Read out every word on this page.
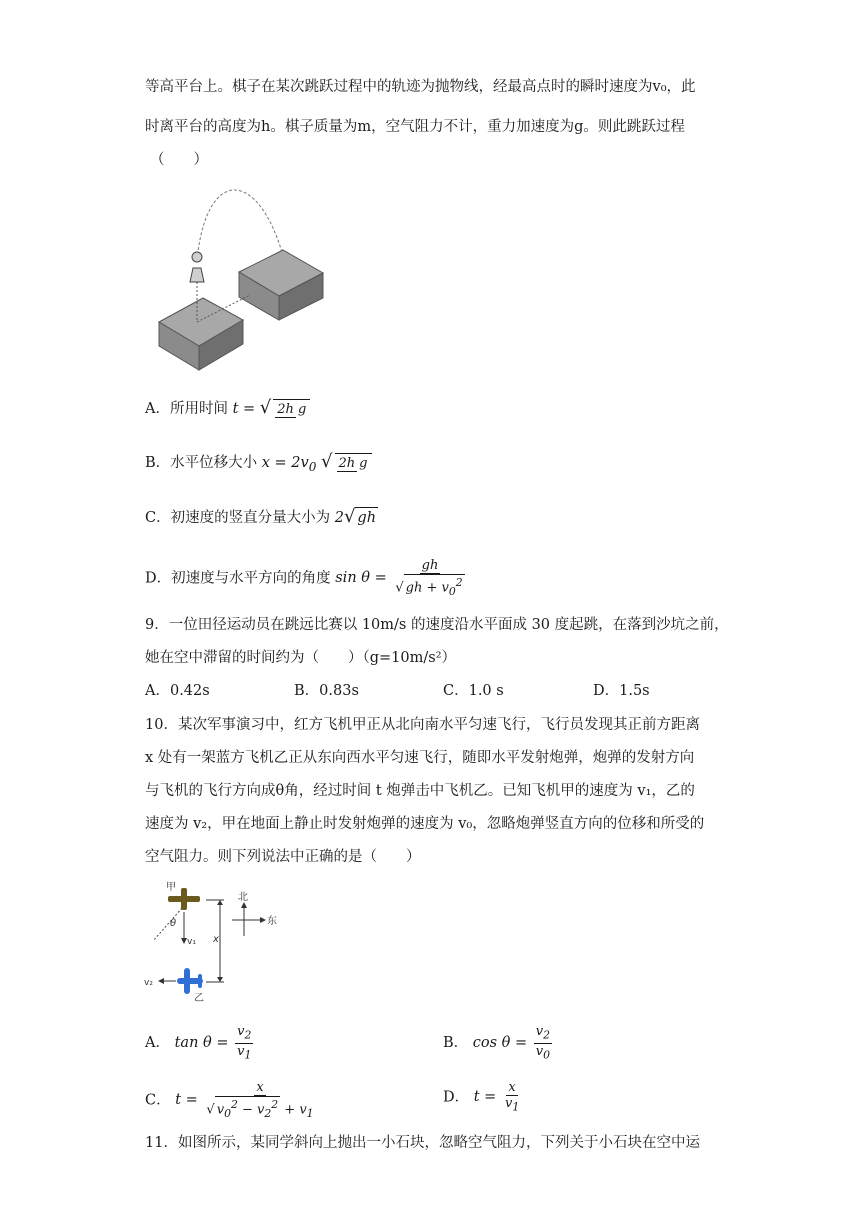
等高平台上。棋子在某次跳跃过程中的轨迹为抛物线，经最高点时的瞬时速度为v₀，此
时离平台的高度为h。棋子质量为m，空气阻力不计，重力加速度为g。则此跳跃过程
（　　）
A．所用时间 t = √ 2h g
B．水平位移大小 $x = 2v_0$ √ 2h g
C．初速度的竖直分量大小为 2√ gh
D．初速度与水平方向的角度 $\sin \theta = \frac{gh}{√ gh + v_0^2}$
9．一位田径运动员在跳远比赛以 10m/s 的速度沿水平面成 30 度起跳，在落到沙坑之前，
她在空中滞留的时间约为（　　）（g=10m/s²）
A．0.42s	B．0.83s	C．1.0 s	D．1.5s
10．某次军事演习中，红方飞机甲正从北向南水平匀速飞行，飞行员发现其正前方距离
x 处有一架蓝方飞机乙正从东向西水平匀速飞行，随即水平发射炮弹，炮弹的发射方向
与飞机的飞行方向成θ角，经过时间 t 炮弹击中飞机乙。已知飞机甲的速度为 v₁，乙的
速度为 v₂，甲在地面上静止时发射炮弹的速度为 v₀，忽略炮弹竖直方向的位移和所受的
空气阻力。则下列说法中正确的是（　　）
甲
θ
v₁ x
北
东
乙
v₂
A． $\tan \theta = \frac{v_2}{v_1}$	B． $\cos \theta = \frac{v_2}{v_0}$
C． $t = \frac{x}{√ v_0^2 - v_2^2 + v_1}$	D． $t = \frac{x}{v_1}$
11．如图所示，某同学斜向上抛出一小石块，忽略空气阻力，下列关于小石块在空中运
